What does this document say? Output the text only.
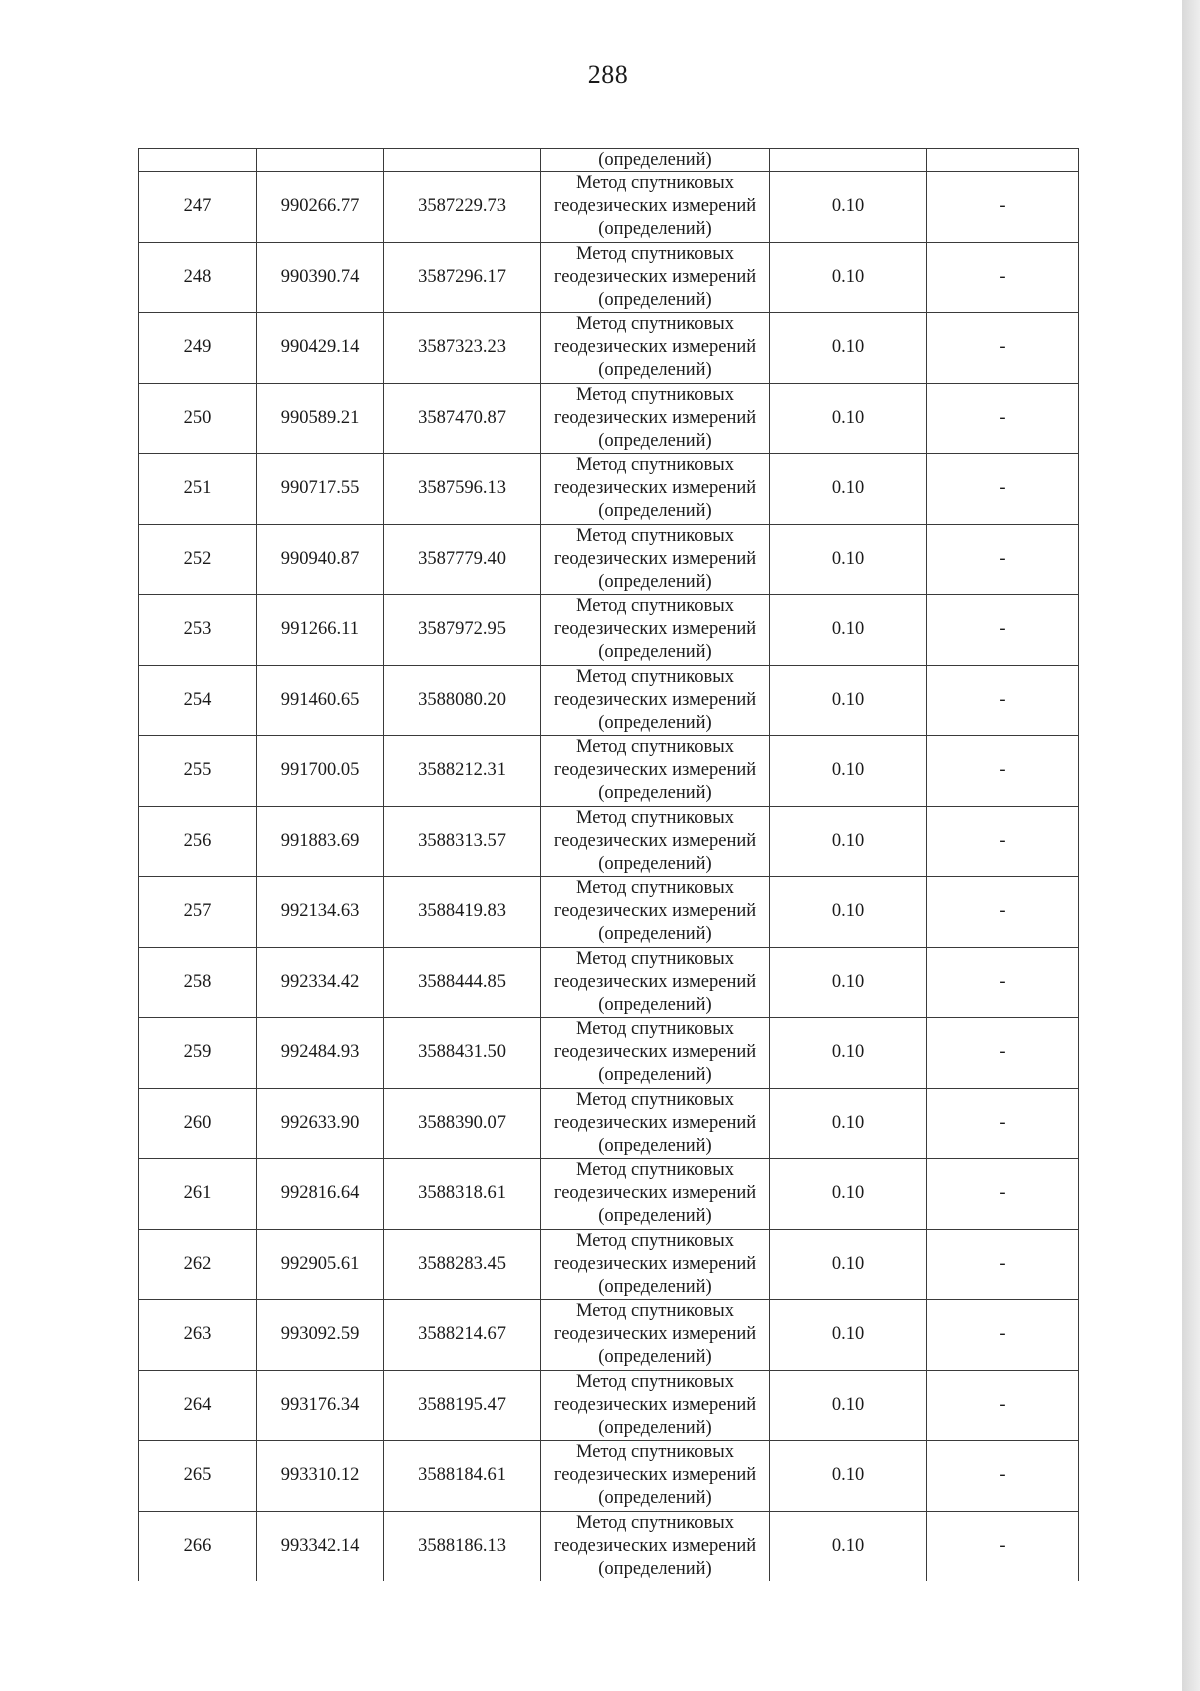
288
			(определений)		
247	990266.77	3587229.73	Метод спутниковых
геодезических измерений
(определений)	0.10	-
248	990390.74	3587296.17	Метод спутниковых
геодезических измерений
(определений)	0.10	-
249	990429.14	3587323.23	Метод спутниковых
геодезических измерений
(определений)	0.10	-
250	990589.21	3587470.87	Метод спутниковых
геодезических измерений
(определений)	0.10	-
251	990717.55	3587596.13	Метод спутниковых
геодезических измерений
(определений)	0.10	-
252	990940.87	3587779.40	Метод спутниковых
геодезических измерений
(определений)	0.10	-
253	991266.11	3587972.95	Метод спутниковых
геодезических измерений
(определений)	0.10	-
254	991460.65	3588080.20	Метод спутниковых
геодезических измерений
(определений)	0.10	-
255	991700.05	3588212.31	Метод спутниковых
геодезических измерений
(определений)	0.10	-
256	991883.69	3588313.57	Метод спутниковых
геодезических измерений
(определений)	0.10	-
257	992134.63	3588419.83	Метод спутниковых
геодезических измерений
(определений)	0.10	-
258	992334.42	3588444.85	Метод спутниковых
геодезических измерений
(определений)	0.10	-
259	992484.93	3588431.50	Метод спутниковых
геодезических измерений
(определений)	0.10	-
260	992633.90	3588390.07	Метод спутниковых
геодезических измерений
(определений)	0.10	-
261	992816.64	3588318.61	Метод спутниковых
геодезических измерений
(определений)	0.10	-
262	992905.61	3588283.45	Метод спутниковых
геодезических измерений
(определений)	0.10	-
263	993092.59	3588214.67	Метод спутниковых
геодезических измерений
(определений)	0.10	-
264	993176.34	3588195.47	Метод спутниковых
геодезических измерений
(определений)	0.10	-
265	993310.12	3588184.61	Метод спутниковых
геодезических измерений
(определений)	0.10	-
266	993342.14	3588186.13	Метод спутниковых
геодезических измерений
(определений)	0.10	-
